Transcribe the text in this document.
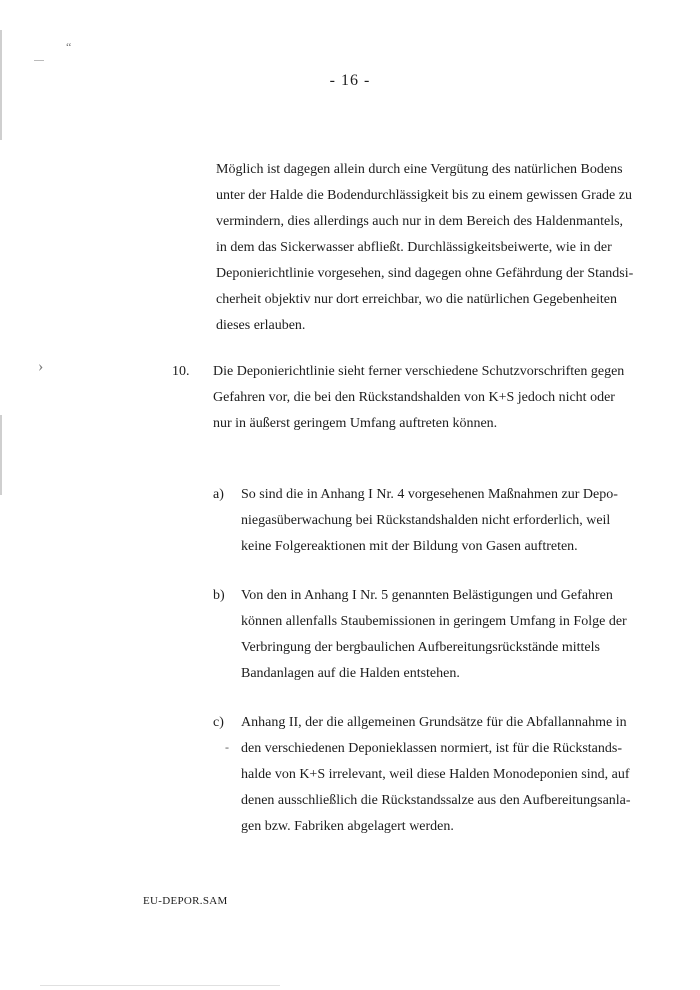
“
›
-
- 16 -

Möglich ist dagegen allein durch eine Vergütung des natürlichen Bodens
unter der Halde die Bodendurchlässigkeit bis zu einem gewissen Grade zu
vermindern, dies allerdings auch nur in dem Bereich des Haldenmantels,
in dem das Sickerwasser abfließt. Durchlässigkeitsbeiwerte, wie in der
Deponierichtlinie vorgesehen, sind dagegen ohne Gefährdung der Standsi-
cherheit objektiv nur dort erreichbar, wo die natürlichen Gegebenheiten
dieses erlauben.

10. Die Deponierichtlinie sieht ferner verschiedene Schutzvorschriften gegen
Gefahren vor, die bei den Rückstandshalden von K+S jedoch nicht oder
nur in äußerst geringem Umfang auftreten können.

a) So sind die in Anhang I Nr. 4 vorgesehenen Maßnahmen zur Depo-
niegasüberwachung bei Rückstandshalden nicht erforderlich, weil
keine Folgereaktionen mit der Bildung von Gasen auftreten.

b) Von den in Anhang I Nr. 5 genannten Belästigungen und Gefahren
können allenfalls Staubemissionen in geringem Umfang in Folge der
Verbringung der bergbaulichen Aufbereitungsrückstände mittels
Bandanlagen auf die Halden entstehen.

c) Anhang II, der die allgemeinen Grundsätze für die Abfallannahme in
den verschiedenen Deponieklassen normiert, ist für die Rückstands-
halde von K+S irrelevant, weil diese Halden Monodeponien sind, auf
denen ausschließlich die Rückstandssalze aus den Aufbereitungsanla-
gen bzw. Fabriken abgelagert werden.

EU-DEPOR.SAM
